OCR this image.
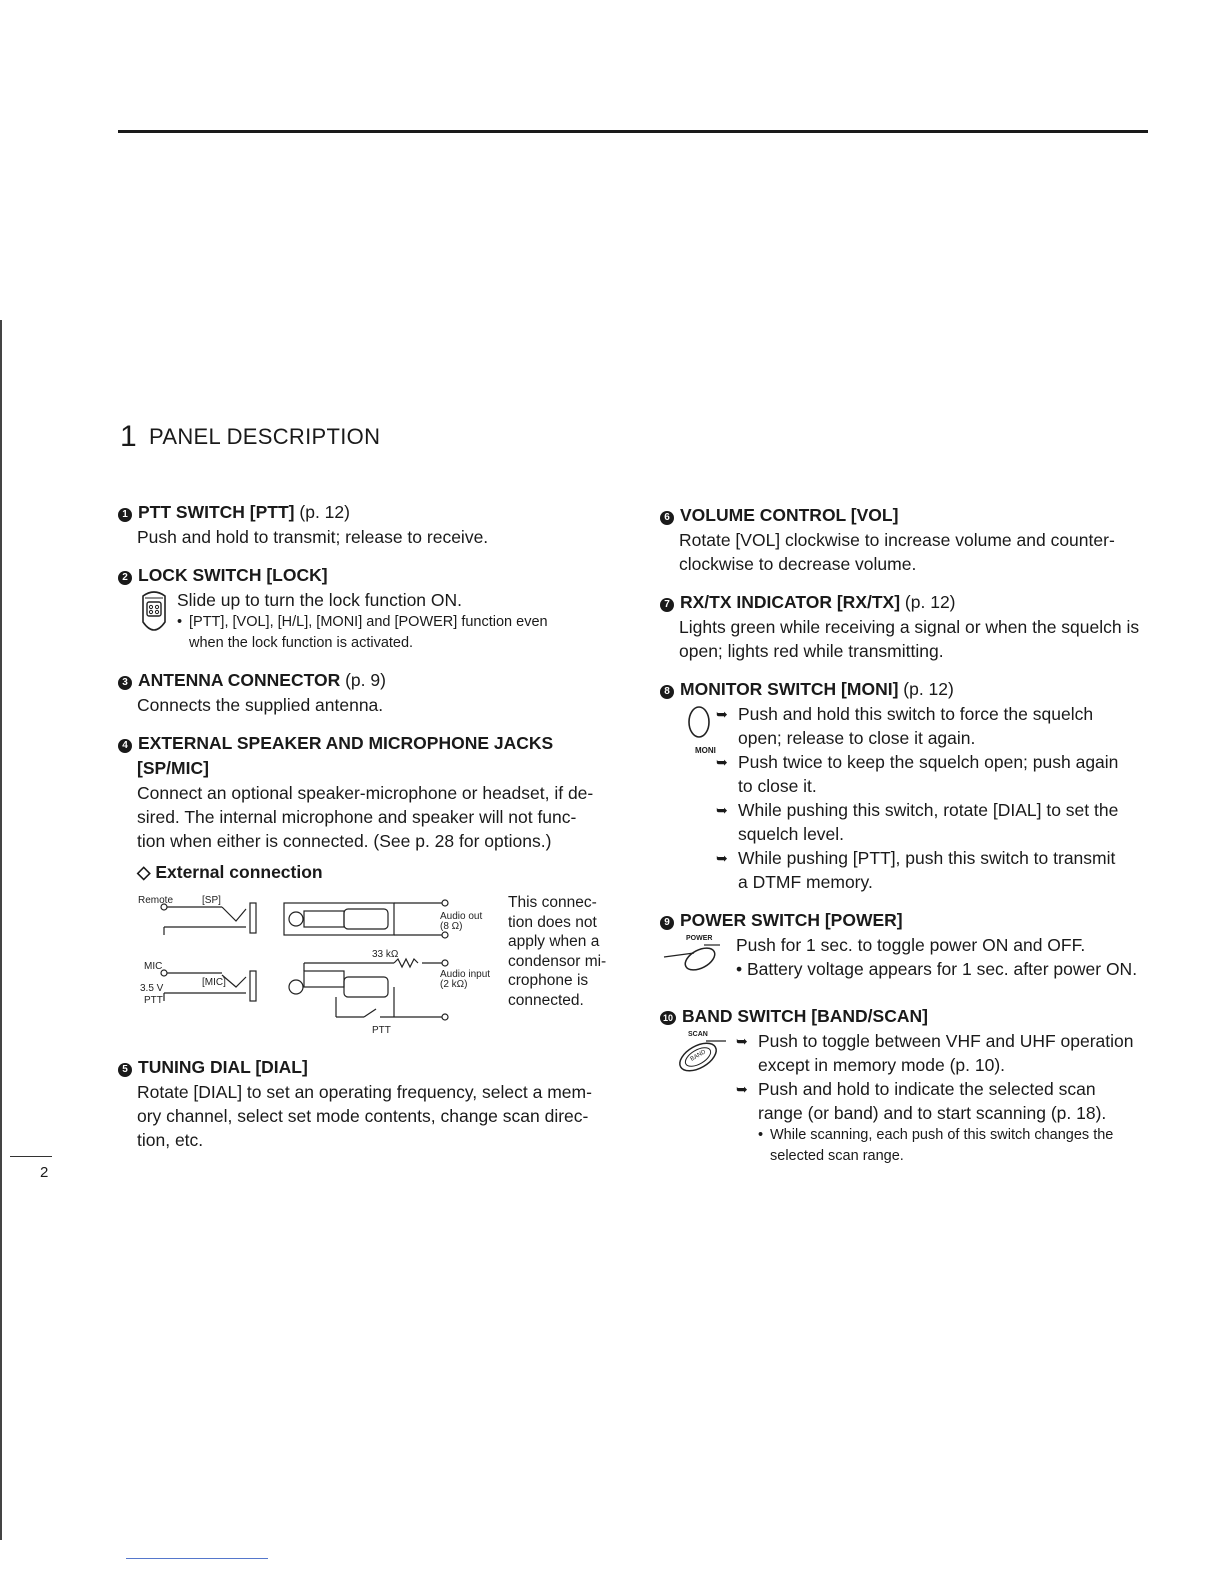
1 PANEL DESCRIPTION
1 PTT SWITCH [PTT] (p. 12)
Push and hold to transmit; release to receive.
2 LOCK SWITCH [LOCK]
Slide up to turn the lock function ON.
• [PTT], [VOL], [H/L], [MONI] and [POWER] function even
when the lock function is activated.
3 ANTENNA CONNECTOR (p. 9)
Connects the supplied antenna.
4 EXTERNAL SPEAKER AND MICROPHONE JACKS
[SP/MIC]
Connect an optional speaker-microphone or headset, if de-
sired. The internal microphone and speaker will not func-
tion when either is connected. (See p. 28 for options.)
◇ External connection
Remote	[SP]
MIC
[MIC]
3.5 V
PTT
Audio out
(8 Ω)
33 kΩ
Audio input
(2 kΩ)
PTT
This connec-
tion does not
apply when a
condensor mi-
crophone is
connected.
5 TUNING DIAL [DIAL]
Rotate [DIAL] to set an operating frequency, select a mem-
ory channel, select set mode contents, change scan direc-
tion, etc.
6 VOLUME CONTROL [VOL]
Rotate [VOL] clockwise to increase volume and counter-
clockwise to decrease volume.
7 RX/TX INDICATOR [RX/TX] (p. 12)
Lights green while receiving a signal or when the squelch is
open; lights red while transmitting.
8 MONITOR SWITCH [MONI] (p. 12)
MONI
➥ Push and hold this switch to force the squelch
open; release to close it again.
➥ Push twice to keep the squelch open; push again
to close it.
➥ While pushing this switch, rotate [DIAL] to set the
squelch level.
➥ While pushing [PTT], push this switch to transmit
a DTMF memory.
9 POWER SWITCH [POWER]
POWER Push for 1 sec. to toggle power ON and OFF.
• Battery voltage appears for 1 sec. after power ON.
10 BAND SWITCH [BAND/SCAN]
SCAN
BAND
➥ Push to toggle between VHF and UHF operation
except in memory mode (p. 10).
➥ Push and hold to indicate the selected scan
range (or band) and to start scanning (p. 18).
• While scanning, each push of this switch changes the
selected scan range.
2
